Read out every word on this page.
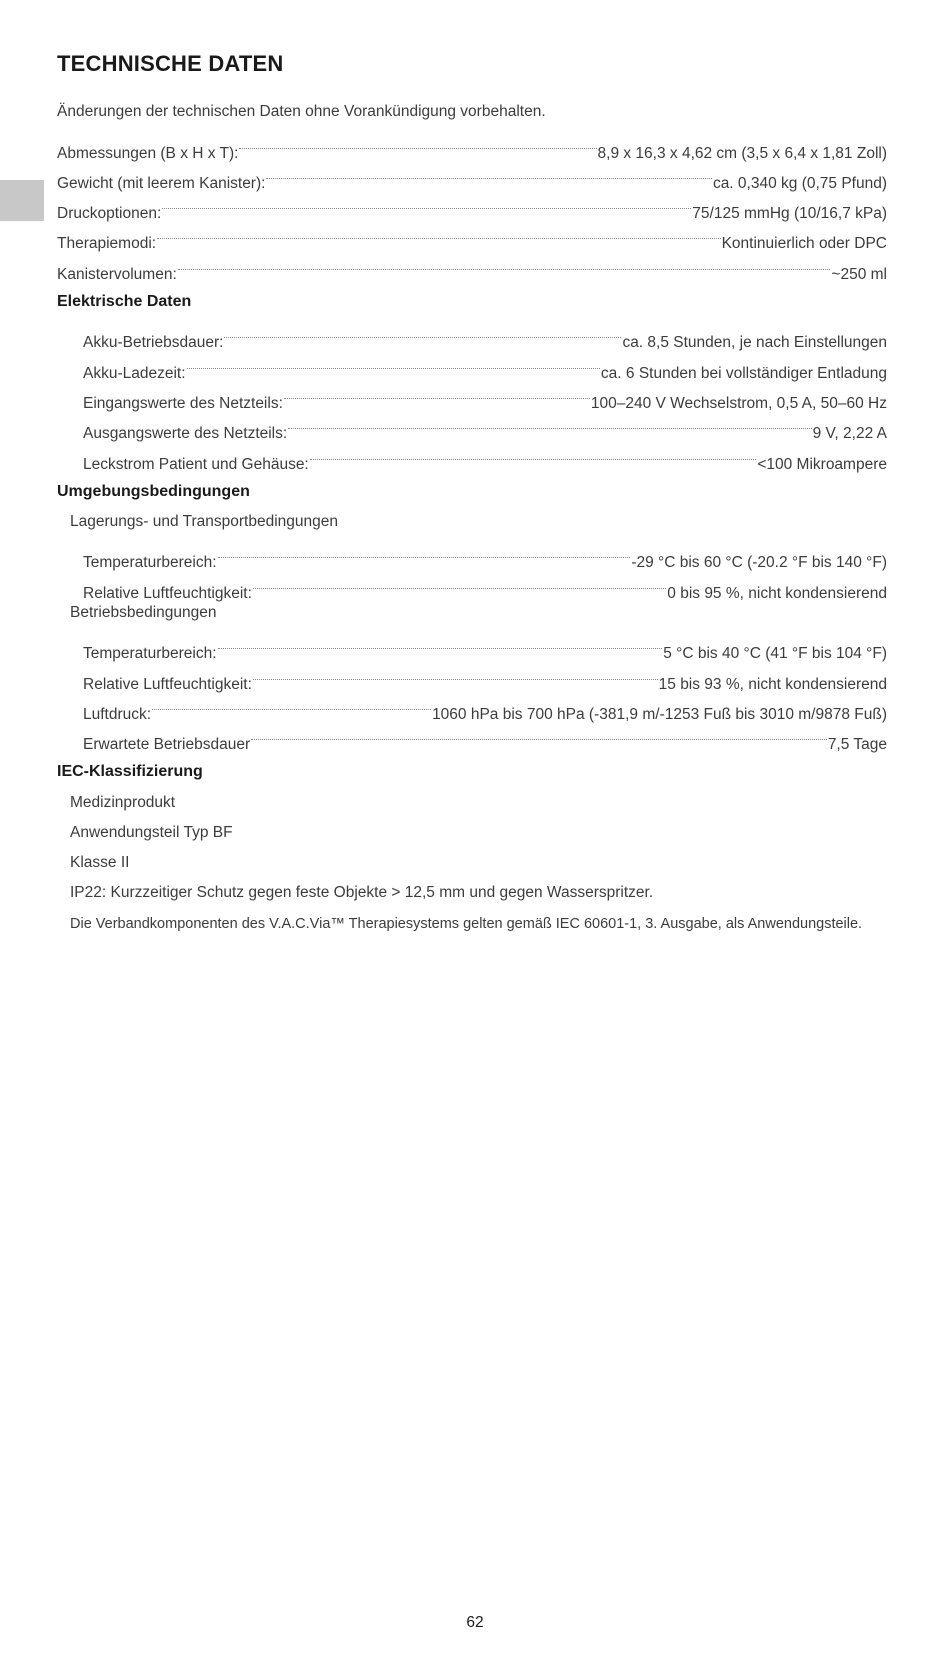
TECHNISCHE DATEN
Änderungen der technischen Daten ohne Vorankündigung vorbehalten.
Abmessungen (B x H x T):	8,9 x 16,3 x 4,62 cm (3,5 x 6,4 x 1,81 Zoll)
Gewicht (mit leerem Kanister):	ca. 0,340 kg (0,75 Pfund)
Druckoptionen:	75/125 mmHg (10/16,7 kPa)
Therapiemodi:	Kontinuierlich oder DPC
Kanistervolumen:	~250 ml
Elektrische Daten
Akku-Betriebsdauer:	ca. 8,5 Stunden, je nach Einstellungen
Akku-Ladezeit:	ca. 6 Stunden bei vollständiger Entladung
Eingangswerte des Netzteils:	100–240 V Wechselstrom, 0,5 A, 50–60 Hz
Ausgangswerte des Netzteils:	9 V, 2,22 A
Leckstrom Patient und Gehäuse:	<100 Mikroampere
Umgebungsbedingungen
Lagerungs- und Transportbedingungen
Temperaturbereich:	-29 °C bis 60 °C (-20.2 °F bis 140 °F)
Relative Luftfeuchtigkeit:	0 bis 95 %, nicht kondensierend
Betriebsbedingungen
Temperaturbereich:	5 °C bis 40 °C (41 °F bis 104 °F)
Relative Luftfeuchtigkeit:	15 bis 93 %, nicht kondensierend
Luftdruck:	1060 hPa bis 700 hPa (-381,9 m/-1253 Fuß bis 3010 m/9878 Fuß)
Erwartete Betriebsdauer	7,5 Tage
IEC-Klassifizierung
Medizinprodukt
Anwendungsteil Typ BF
Klasse II
IP22: Kurzzeitiger Schutz gegen feste Objekte > 12,5 mm und gegen Wasserspritzer.
Die Verbandkomponenten des V.A.C.Via™ Therapiesystems gelten gemäß IEC 60601-1, 3. Ausgabe, als Anwendungsteile.
62
